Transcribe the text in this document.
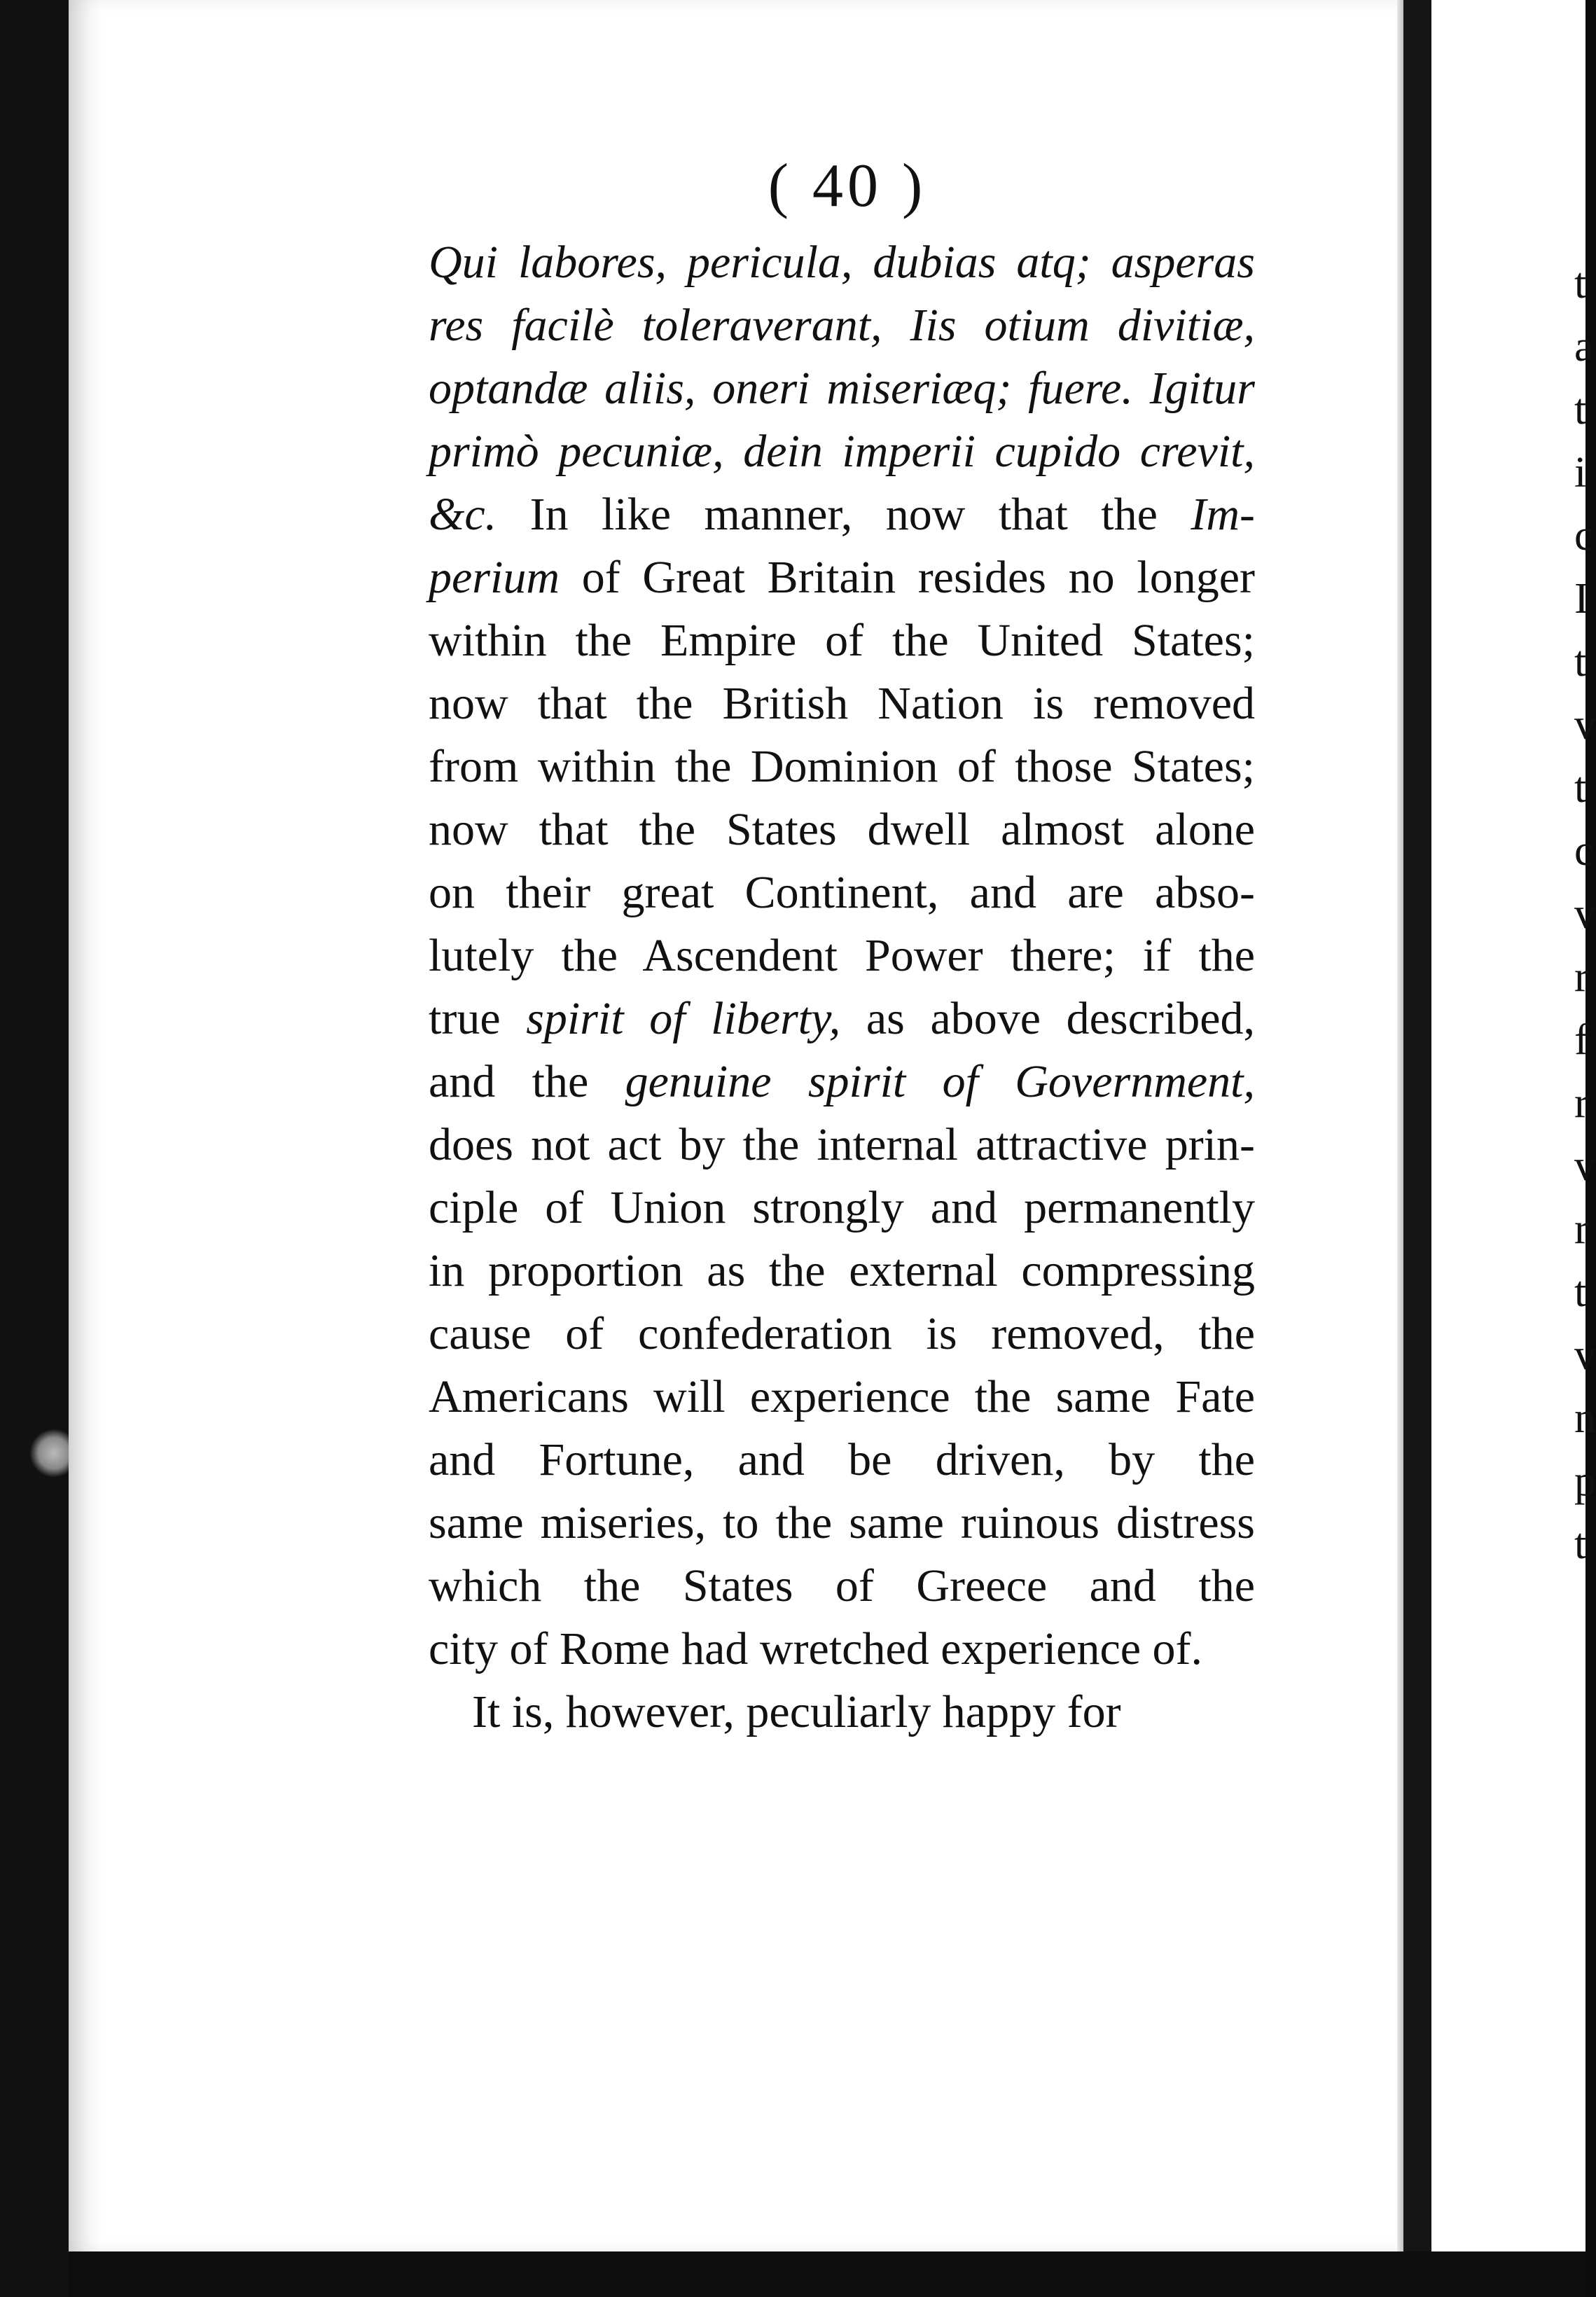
t
a
t
i
c
I
t
v
t
c
v
r
f
r
v
r
t
v
n
p
t
( 40 )
Qui labores, pericula, dubias atq; asperas
res facilè toleraverant, Iis otium divitiæ,
optandæ aliis, oneri miseriæq; fuere. Igitur
primò pecuniæ, dein imperii cupido crevit,
&c. In like manner, now that the Im-
perium of Great Britain resides no longer
within the Empire of the United States;
now that the British Nation is removed
from within the Dominion of those States;
now that the States dwell almost alone
on their great Continent, and are abso-
lutely the Ascendent Power there; if the
true spirit of liberty, as above described,
and the genuine spirit of Government,
does not act by the internal attractive prin-
ciple of Union strongly and permanently
in proportion as the external compressing
cause of confederation is removed, the
Americans will experience the same Fate
and Fortune, and be driven, by the
same miseries, to the same ruinous distress
which the States of Greece and the
city of Rome had wretched experience of.
It is, however, peculiarly happy for
